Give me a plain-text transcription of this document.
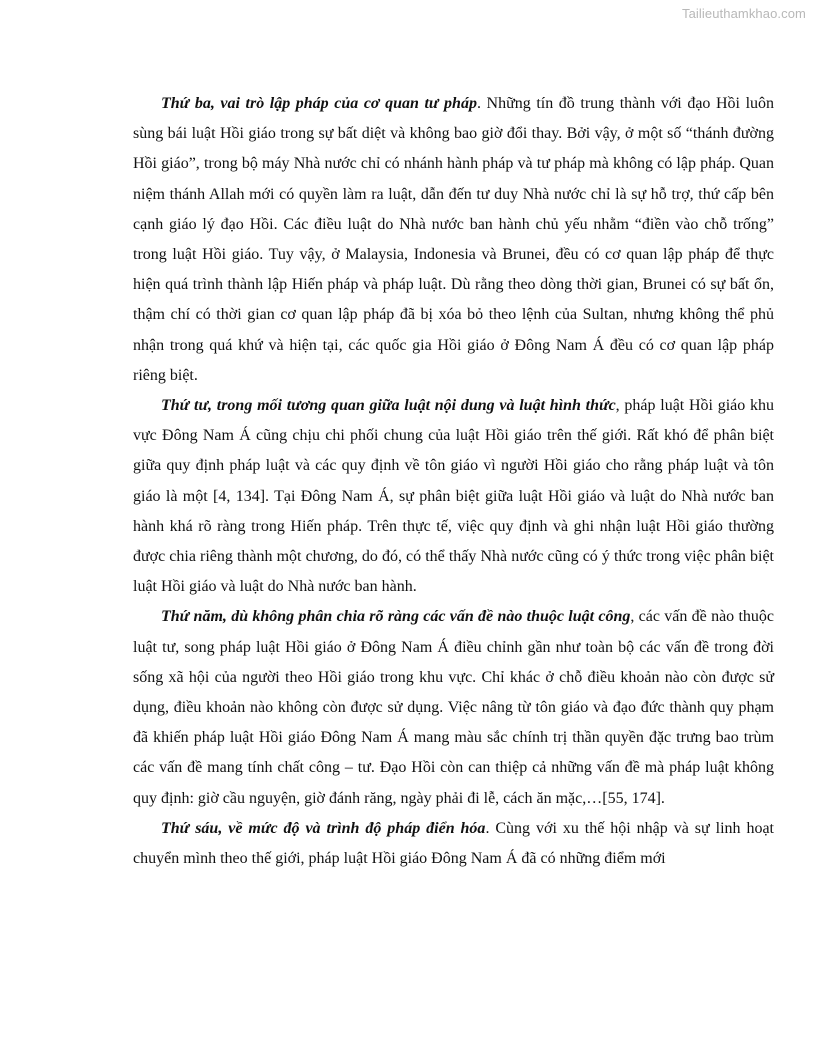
Tailieuthamkhao.com

Thứ ba, vai trò lập pháp của cơ quan tư pháp. Những tín đồ trung thành với đạo Hồi luôn sùng bái luật Hồi giáo trong sự bất diệt và không bao giờ đổi thay. Bởi vậy, ở một số “thánh đường Hồi giáo”, trong bộ máy Nhà nước chỉ có nhánh hành pháp và tư pháp mà không có lập pháp. Quan niệm thánh Allah mới có quyền làm ra luật, dẫn đến tư duy Nhà nước chỉ là sự hỗ trợ, thứ cấp bên cạnh giáo lý đạo Hồi. Các điều luật do Nhà nước ban hành chủ yếu nhằm “điền vào chỗ trống” trong luật Hồi giáo. Tuy vậy, ở Malaysia, Indonesia và Brunei, đều có cơ quan lập pháp để thực hiện quá trình thành lập Hiến pháp và pháp luật. Dù rằng theo dòng thời gian, Brunei có sự bất ổn, thậm chí có thời gian cơ quan lập pháp đã bị xóa bỏ theo lệnh của Sultan, nhưng không thể phủ nhận trong quá khứ và hiện tại, các quốc gia Hồi giáo ở Đông Nam Á đều có cơ quan lập pháp riêng biệt.

Thứ tư, trong mối tương quan giữa luật nội dung và luật hình thức, pháp luật Hồi giáo khu vực Đông Nam Á cũng chịu chi phối chung của luật Hồi giáo trên thế giới. Rất khó để phân biệt giữa quy định pháp luật và các quy định về tôn giáo vì người Hồi giáo cho rằng pháp luật và tôn giáo là một [4, 134]. Tại Đông Nam Á, sự phân biệt giữa luật Hồi giáo và luật do Nhà nước ban hành khá rõ ràng trong Hiến pháp. Trên thực tế, việc quy định và ghi nhận luật Hồi giáo thường được chia riêng thành một chương, do đó, có thể thấy Nhà nước cũng có ý thức trong việc phân biệt luật Hồi giáo và luật do Nhà nước ban hành.

Thứ năm, dù không phân chia rõ ràng các vấn đề nào thuộc luật công, các vấn đề nào thuộc luật tư, song pháp luật Hồi giáo ở Đông Nam Á điều chỉnh gần như toàn bộ các vấn đề trong đời sống xã hội của người theo Hồi giáo trong khu vực. Chỉ khác ở chỗ điều khoản nào còn được sử dụng, điều khoản nào không còn được sử dụng. Việc nâng từ tôn giáo và đạo đức thành quy phạm đã khiến pháp luật Hồi giáo Đông Nam Á mang màu sắc chính trị thần quyền đặc trưng bao trùm các vấn đề mang tính chất công – tư. Đạo Hồi còn can thiệp cả những vấn đề mà pháp luật không quy định: giờ cầu nguyện, giờ đánh răng, ngày phải đi lễ, cách ăn mặc,…[55, 174].

Thứ sáu, về mức độ và trình độ pháp điển hóa. Cùng với xu thế hội nhập và sự linh hoạt chuyển mình theo thế giới, pháp luật Hồi giáo Đông Nam Á đã có những điểm mới
